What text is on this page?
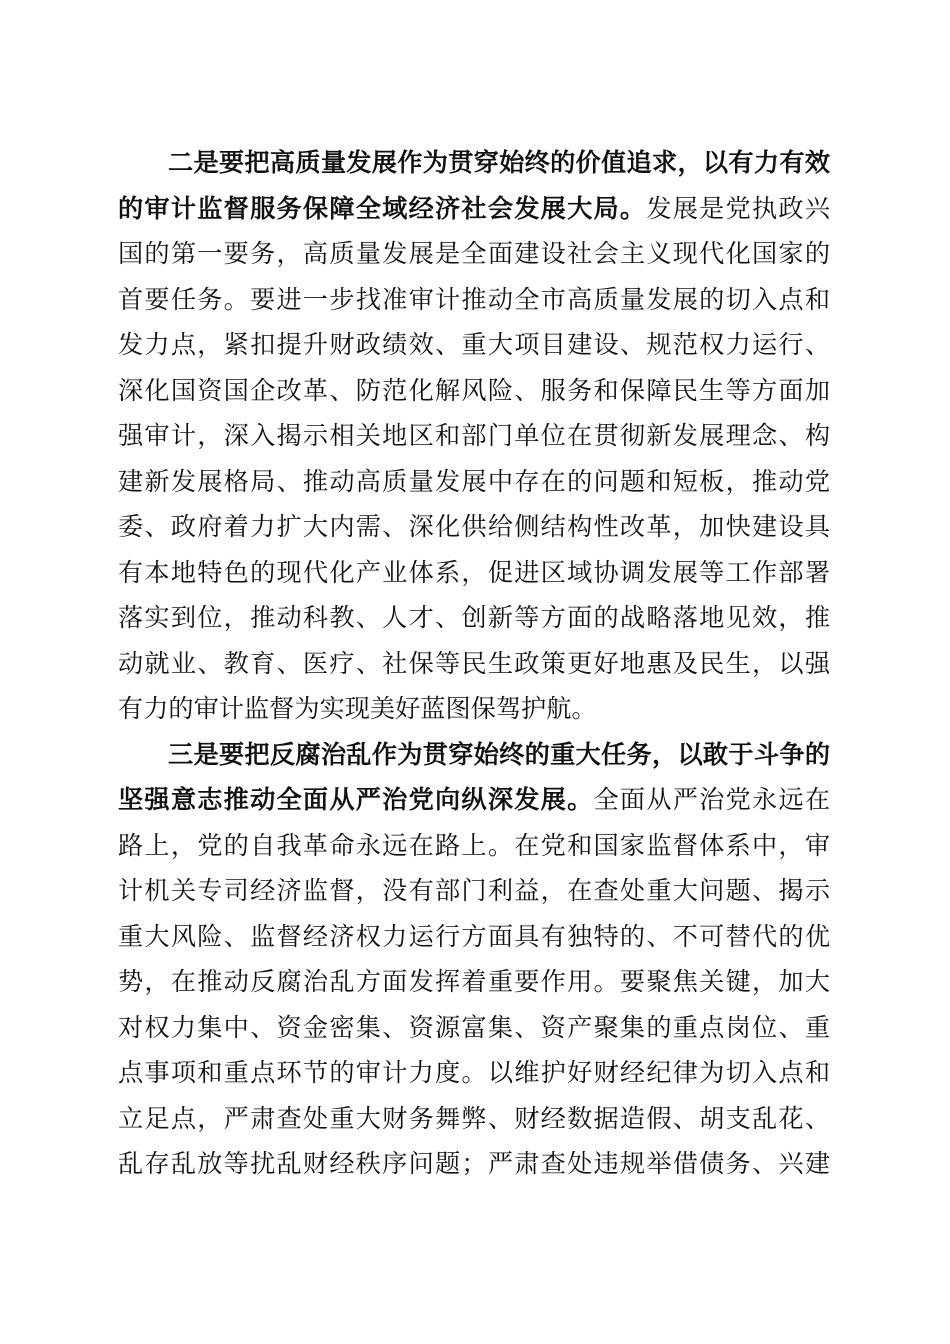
二是要把高质量发展作为贯穿始终的价值追求，以有力有效
的审计监督服务保障全域经济社会发展大局。发展是党执政兴
国的第一要务，高质量发展是全面建设社会主义现代化国家的
首要任务。要进一步找准审计推动全市高质量发展的切入点和
发力点，紧扣提升财政绩效、重大项目建设、规范权力运行、
深化国资国企改革、防范化解风险、服务和保障民生等方面加
强审计，深入揭示相关地区和部门单位在贯彻新发展理念、构
建新发展格局、推动高质量发展中存在的问题和短板，推动党
委、政府着力扩大内需、深化供给侧结构性改革，加快建设具
有本地特色的现代化产业体系，促进区域协调发展等工作部署
落实到位，推动科教、人才、创新等方面的战略落地见效，推
动就业、教育、医疗、社保等民生政策更好地惠及民生，以强
有力的审计监督为实现美好蓝图保驾护航。
三是要把反腐治乱作为贯穿始终的重大任务，以敢于斗争的
坚强意志推动全面从严治党向纵深发展。全面从严治党永远在
路上，党的自我革命永远在路上。在党和国家监督体系中，审
计机关专司经济监督，没有部门利益，在查处重大问题、揭示
重大风险、监督经济权力运行方面具有独特的、不可替代的优
势，在推动反腐治乱方面发挥着重要作用。要聚焦关键，加大
对权力集中、资金密集、资源富集、资产聚集的重点岗位、重
点事项和重点环节的审计力度。以维护好财经纪律为切入点和
立足点，严肃查处重大财务舞弊、财经数据造假、胡支乱花、
乱存乱放等扰乱财经秩序问题；严肃查处违规举借债务、兴建
